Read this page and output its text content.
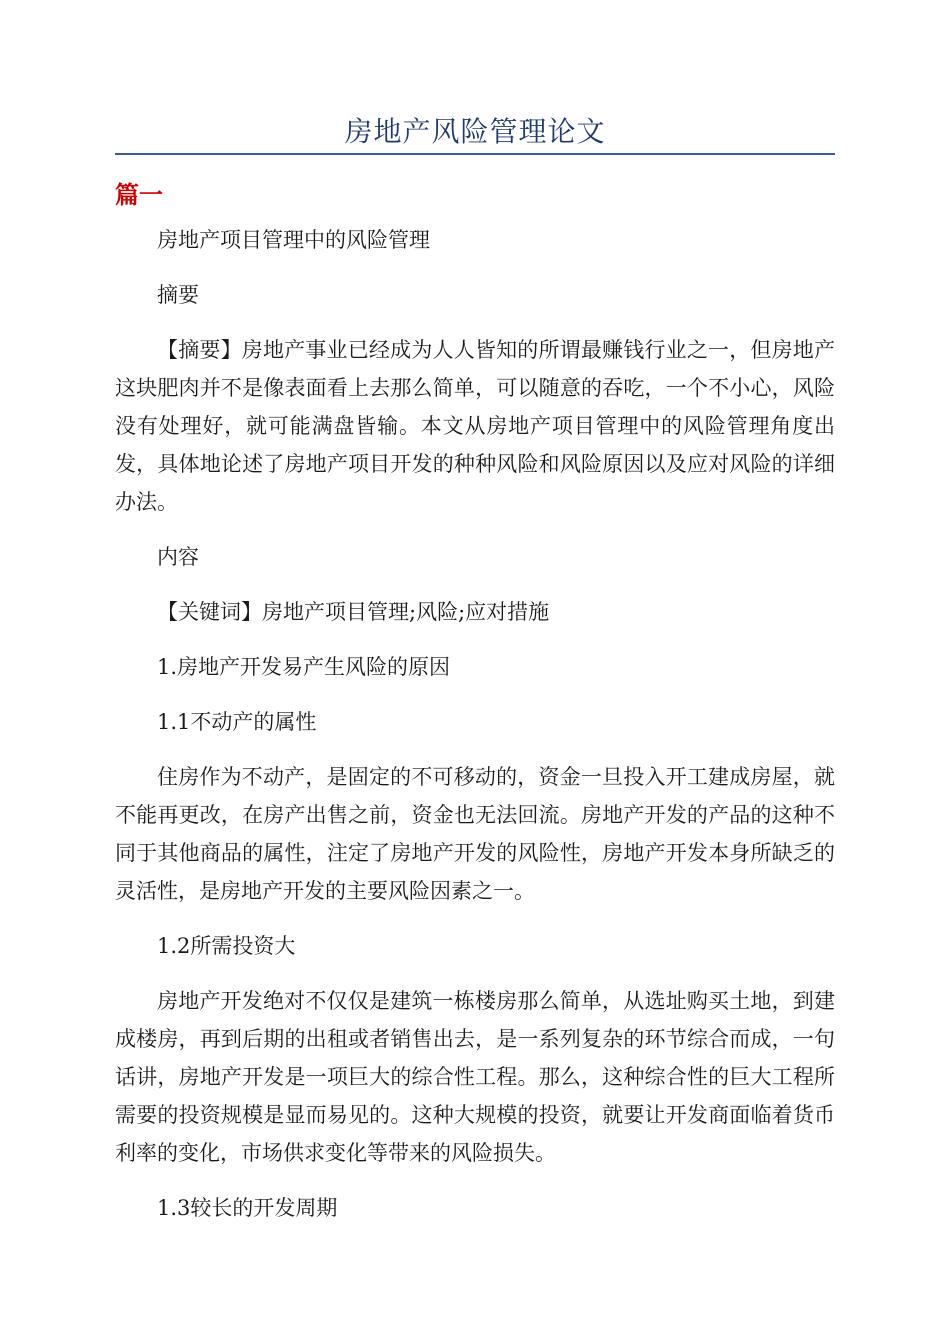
房地产风险管理论文
篇一

房地产项目管理中的风险管理

摘要

【摘要】房地产事业已经成为人人皆知的所谓最赚钱行业之一，但房地产这块肥肉并不是像表面看上去那么简单，可以随意的吞吃，一个不小心，风险没有处理好，就可能满盘皆输。本文从房地产项目管理中的风险管理角度出发，具体地论述了房地产项目开发的种种风险和风险原因以及应对风险的详细办法。

内容

【关键词】房地产项目管理;风险;应对措施

1.房地产开发易产生风险的原因

1.1不动产的属性

住房作为不动产，是固定的不可移动的，资金一旦投入开工建成房屋，就不能再更改，在房产出售之前，资金也无法回流。房地产开发的产品的这种不同于其他商品的属性，注定了房地产开发的风险性，房地产开发本身所缺乏的灵活性，是房地产开发的主要风险因素之一。

1.2所需投资大

房地产开发绝对不仅仅是建筑一栋楼房那么简单，从选址购买土地，到建成楼房，再到后期的出租或者销售出去，是一系列复杂的环节综合而成，一句话讲，房地产开发是一项巨大的综合性工程。那么，这种综合性的巨大工程所需要的投资规模是显而易见的。这种大规模的投资，就要让开发商面临着货币利率的变化，市场供求变化等带来的风险损失。

1.3较长的开发周期
